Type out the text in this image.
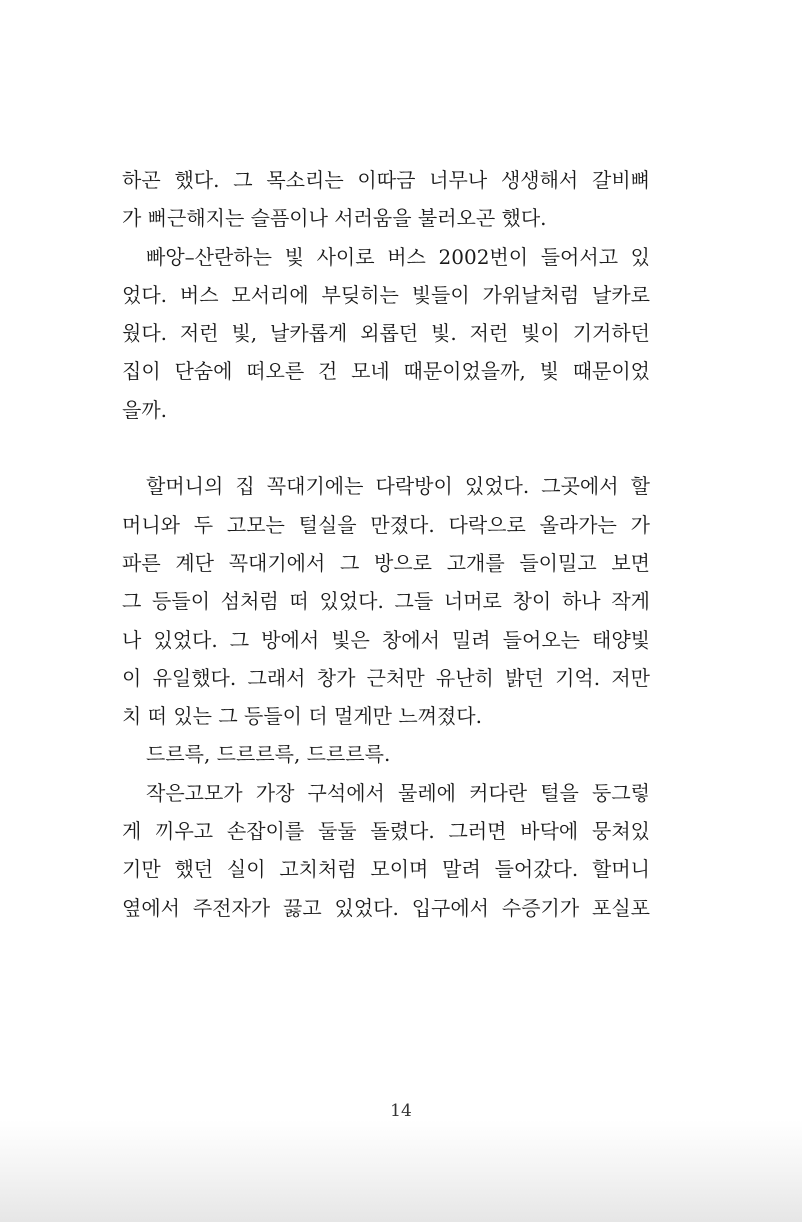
하곤 했다. 그 목소리는 이따금 너무나 생생해서 갈비뼈
가 뻐근해지는 슬픔이나 서러움을 불러오곤 했다.
빠앙–산란하는 빛 사이로 버스 2002번이 들어서고 있
었다. 버스 모서리에 부딪히는 빛들이 가위날처럼 날카로
웠다. 저런 빛, 날카롭게 외롭던 빛. 저런 빛이 기거하던
집이 단숨에 떠오른 건 모네 때문이었을까, 빛 때문이었
을까.
할머니의 집 꼭대기에는 다락방이 있었다. 그곳에서 할
머니와 두 고모는 털실을 만졌다. 다락으로 올라가는 가
파른 계단 꼭대기에서 그 방으로 고개를 들이밀고 보면
그 등들이 섬처럼 떠 있었다. 그들 너머로 창이 하나 작게
나 있었다. 그 방에서 빛은 창에서 밀려 들어오는 태양빛
이 유일했다. 그래서 창가 근처만 유난히 밝던 기억. 저만
치 떠 있는 그 등들이 더 멀게만 느껴졌다.
드르륵, 드르르륵, 드르르륵.
작은고모가 가장 구석에서 물레에 커다란 털을 둥그렇
게 끼우고 손잡이를 둘둘 돌렸다. 그러면 바닥에 뭉쳐있
기만 했던 실이 고치처럼 모이며 말려 들어갔다. 할머니
옆에서 주전자가 끓고 있었다. 입구에서 수증기가 포실포
14
